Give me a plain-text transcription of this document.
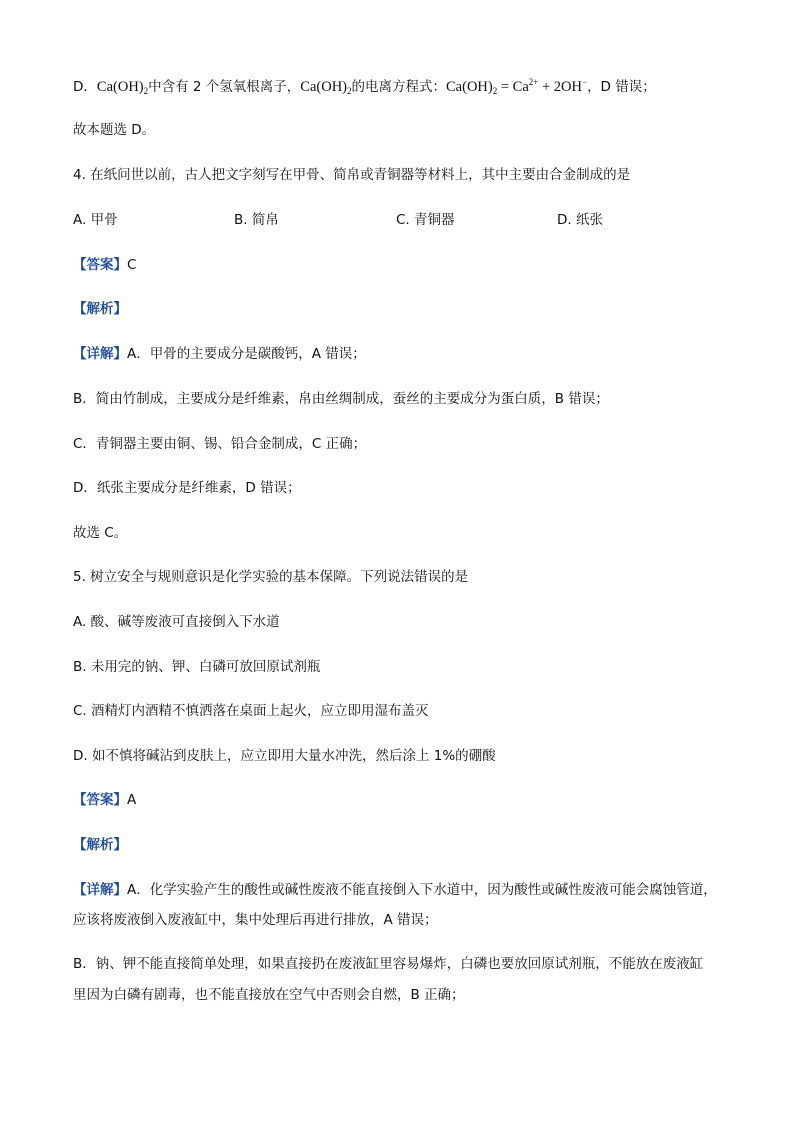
D．$Ca(OH)_2$中含有 2 个氢氧根离子，$Ca(OH)_2$的电离方程式：$Ca(OH)_2 = Ca^{2+} + 2OH^-$，D 错误；
故本题选 D。
4. 在纸问世以前，古人把文字刻写在甲骨、简帛或青铜器等材料上，其中主要由合金制成的是
A. 甲骨	B. 简帛	C. 青铜器	D. 纸张
【答案】C
【解析】
【详解】A．甲骨的主要成分是碳酸钙，A 错误；
B．简由竹制成，主要成分是纤维素，帛由丝绸制成，蚕丝的主要成分为蛋白质，B 错误；
C．青铜器主要由铜、锡、铅合金制成，C 正确；
D．纸张主要成分是纤维素，D 错误；
故选 C。
5. 树立安全与规则意识是化学实验的基本保障。下列说法错误的是
A. 酸、碱等废液可直接倒入下水道
B. 未用完的钠、钾、白磷可放回原试剂瓶
C. 酒精灯内酒精不慎洒落在桌面上起火，应立即用湿布盖灭
D. 如不慎将碱沾到皮肤上，应立即用大量水冲洗，然后涂上 1%的硼酸
【答案】A
【解析】
【详解】A．化学实验产生的酸性或碱性废液不能直接倒入下水道中，因为酸性或碱性废液可能会腐蚀管道，
应该将废液倒入废液缸中，集中处理后再进行排放，A 错误；
B．钠、钾不能直接简单处理，如果直接扔在废液缸里容易爆炸，白磷也要放回原试剂瓶，不能放在废液缸
里因为白磷有剧毒，也不能直接放在空气中否则会自燃，B 正确；
